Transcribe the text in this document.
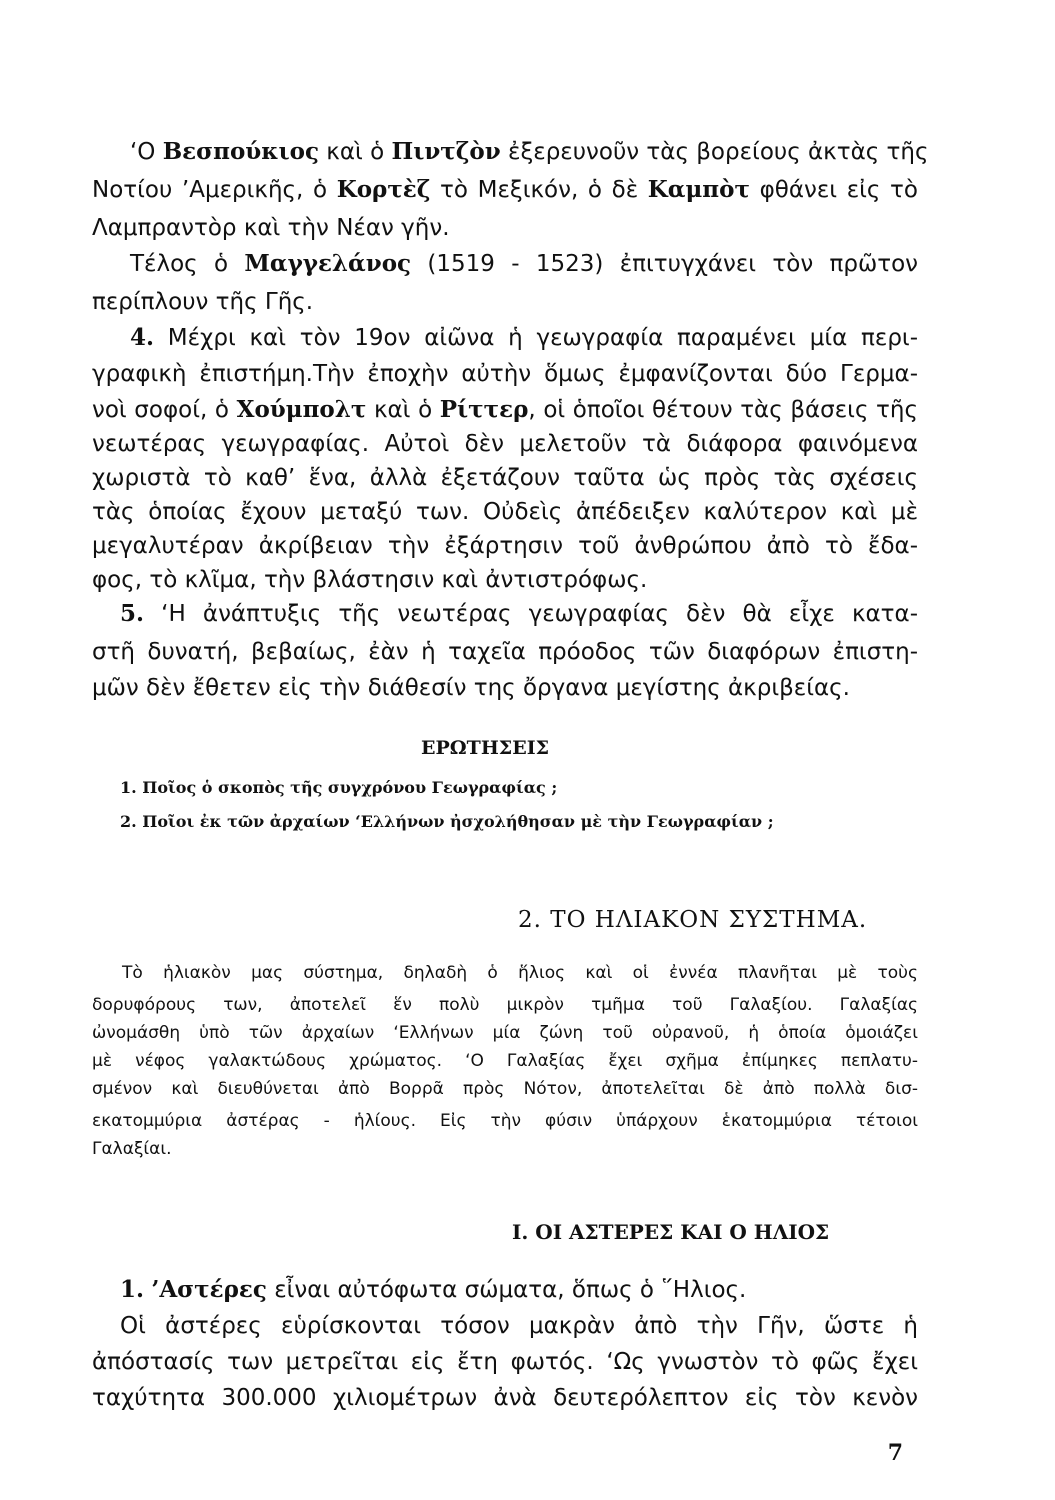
‘Ο Βεσπούκιος καὶ ὁ Πιντζὸν ἐξερευνοῦν τὰς βορείους ἀκτὰς τῆς

Νοτίου ’Αμερικῆς, ὁ Κορτὲζ τὸ Μεξικόν, ὁ δὲ Καμπὸτ φθάνει εἰς τὸ

Λαμπραντὸρ καὶ τὴν Νέαν γῆν.

Τέλος ὁ Μαγγελάνος (1519 - 1523) ἐπιτυγχάνει τὸν πρῶτον

περίπλουν τῆς Γῆς.

4. Μέχρι καὶ τὸν 19ον αἰῶνα ἡ γεωγραφία παραμένει μία περι-

γραφικὴ ἐπιστήμη.Τὴν ἐποχὴν αὐτὴν ὅμως ἐμφανίζονται δύο Γερμα-

νοὶ σοφοί, ὁ Χούμπολτ καὶ ὁ Ρίττερ, οἱ ὁποῖοι θέτουν τὰς βάσεις τῆς

νεωτέρας γεωγραφίας. Αὐτοὶ δὲν μελετοῦν τὰ διάφορα φαινόμενα

χωριστὰ τὸ καθ’ ἕνα, ἀλλὰ ἐξετάζουν ταῦτα ὡς πρὸς τὰς σχέσεις

τὰς ὁποίας ἔχουν μεταξύ των. Οὐδεὶς ἀπέδειξεν καλύτερον καὶ μὲ

μεγαλυτέραν ἀκρίβειαν τὴν ἐξάρτησιν τοῦ ἀνθρώπου ἀπὸ τὸ ἔδα-

φος, τὸ κλῖμα, τὴν βλάστησιν καὶ ἀντιστρόφως.

5. ‘Η ἀνάπτυξις τῆς νεωτέρας γεωγραφίας δὲν θὰ εἶχε κατα-

στῆ δυνατή, βεβαίως, ἐὰν ἡ ταχεῖα πρόοδος τῶν διαφόρων ἐπιστη-

μῶν δὲν ἔθετεν εἰς τὴν διάθεσίν της ὄργανα μεγίστης ἀκριβείας.

ΕΡΩΤΗΣΕΙΣ

1. Ποῖος ὁ σκοπὸς τῆς συγχρόνου Γεωγραφίας ;

2. Ποῖοι ἐκ τῶν ἀρχαίων ‘Ελλήνων ἠσχολήθησαν μὲ τὴν Γεωγραφίαν ;

2. ΤΟ ΗΛΙΑΚΟΝ ΣΥΣΤΗΜΑ.

Τὸ ἡλιακὸν μας σύστημα, δηλαδὴ ὁ ἥλιος καὶ οἱ ἐννέα πλανῆται μὲ τοὺς

δορυφόρους των, ἀποτελεῖ ἕν πολὺ μικρὸν τμῆμα τοῦ Γαλαξίου. Γαλαξίας

ὠνομάσθη ὑπὸ τῶν ἀρχαίων ‘Ελλήνων μία ζώνη τοῦ οὐρανοῦ, ἡ ὁποία ὁμοιάζει

μὲ νέφος γαλακτώδους χρώματος. ‘Ο Γαλαξίας ἔχει σχῆμα ἐπίμηκες πεπλατυ-

σμένον καὶ διευθύνεται ἀπὸ Βορρᾶ πρὸς Νότον, ἀποτελεῖται δὲ ἀπὸ πολλὰ δισ-

εκατομμύρια ἀστέρας - ἡλίους. Εἰς τὴν φύσιν ὑπάρχουν ἑκατομμύρια τέτοιοι

Γαλαξίαι.

Ι. ΟΙ ΑΣΤΕΡΕΣ ΚΑΙ Ο ΗΛΙΟΣ

1. ’Αστέρες εἶναι αὐτόφωτα σώματα, ὅπως ὁ ῞Ηλιος.

Οἱ ἀστέρες εὑρίσκονται τόσον μακρὰν ἀπὸ τὴν Γῆν, ὥστε ἡ

ἀπόστασίς των μετρεῖται εἰς ἔτη φωτός. ‘Ως γνωστὸν τὸ φῶς ἔχει

ταχύτητα 300.000 χιλιομέτρων ἀνὰ δευτερόλεπτον εἰς τὸν κενὸν

7
